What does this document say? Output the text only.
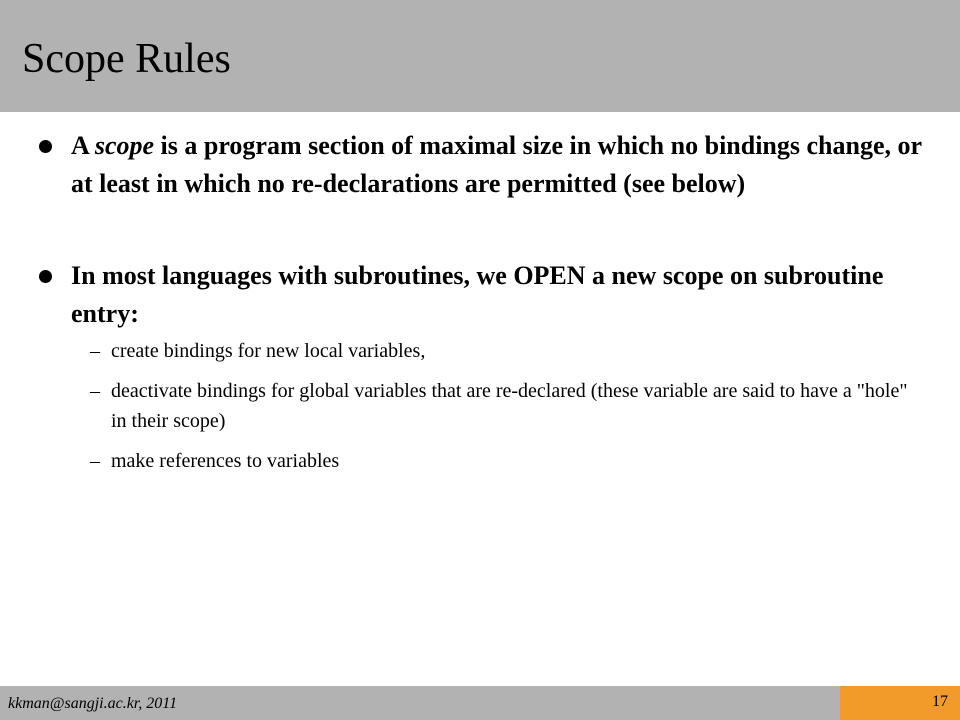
Scope Rules
A scope is a program section of maximal size in which no bindings change, or at least in which no re-declarations are permitted (see below)
In most languages with subroutines, we OPEN a new scope on subroutine entry:
– create bindings for new local variables,
– deactivate bindings for global variables that are re-declared (these variable are said to have a "hole" in their scope)
– make references to variables
kkman@sangji.ac.kr, 2011	17
